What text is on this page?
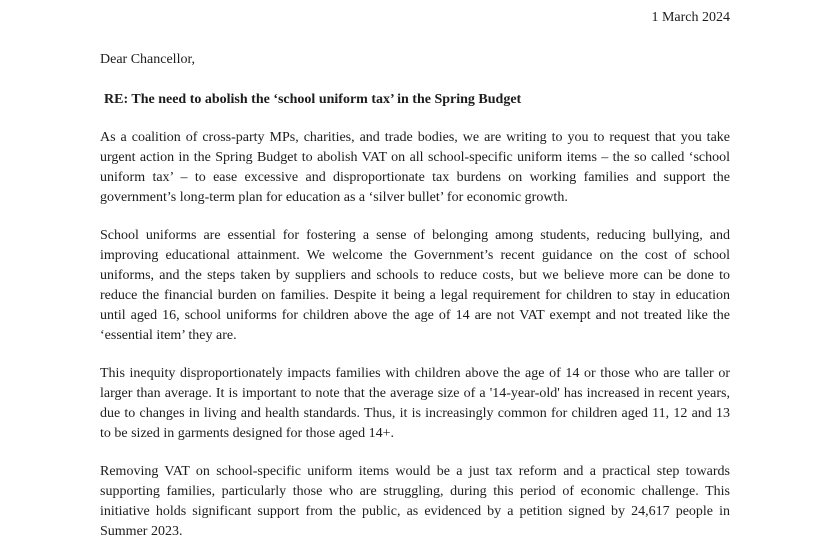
1 March 2024
Dear Chancellor,
RE: The need to abolish the ‘school uniform tax’ in the Spring Budget

As a coalition of cross-party MPs, charities, and trade bodies, we are writing to you to request that you take urgent action in the Spring Budget to abolish VAT on all school-specific uniform items – the so called ‘school uniform tax’ – to ease excessive and disproportionate tax burdens on working families and support the government’s long-term plan for education as a ‘silver bullet’ for economic growth.

School uniforms are essential for fostering a sense of belonging among students, reducing bullying, and improving educational attainment. We welcome the Government’s recent guidance on the cost of school uniforms, and the steps taken by suppliers and schools to reduce costs, but we believe more can be done to reduce the financial burden on families. Despite it being a legal requirement for children to stay in education until aged 16, school uniforms for children above the age of 14 are not VAT exempt and not treated like the ‘essential item’ they are.

This inequity disproportionately impacts families with children above the age of 14 or those who are taller or larger than average. It is important to note that the average size of a '14-year-old' has increased in recent years, due to changes in living and health standards. Thus, it is increasingly common for children aged 11, 12 and 13 to be sized in garments designed for those aged 14+.

Removing VAT on school-specific uniform items would be a just tax reform and a practical step towards supporting families, particularly those who are struggling, during this period of economic challenge. This initiative holds significant support from the public, as evidenced by a petition signed by 24,617 people in Summer 2023.
